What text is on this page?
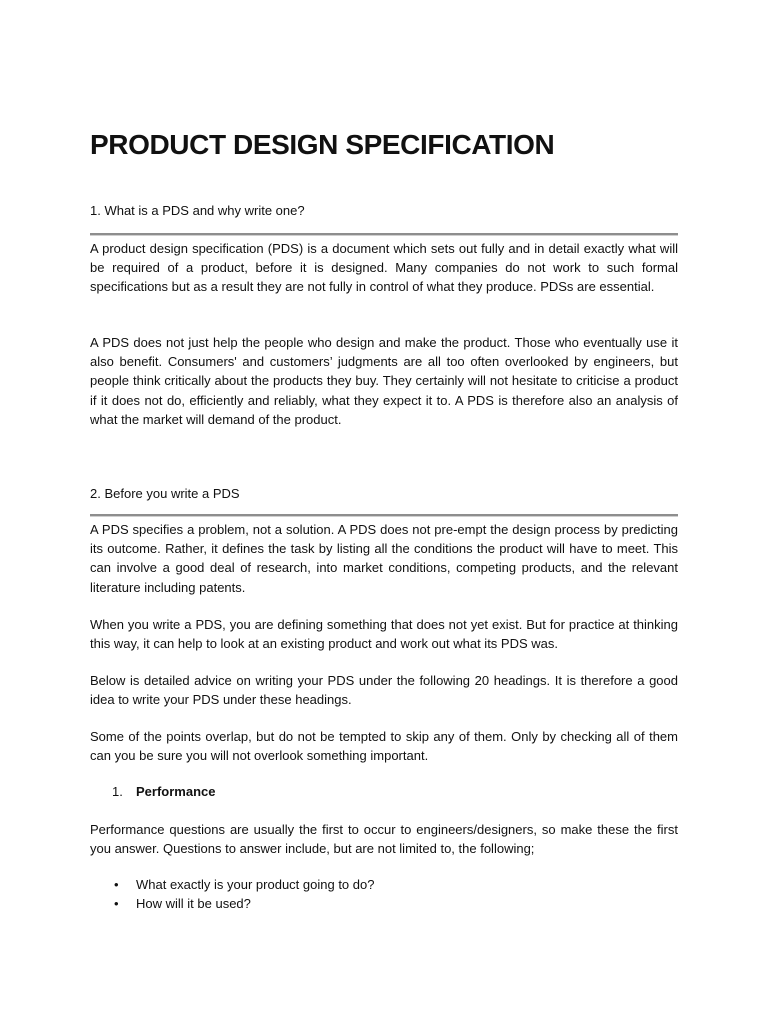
PRODUCT DESIGN SPECIFICATION
1. What is a PDS and why write one?

A product design specification (PDS) is a document which sets out fully and in detail exactly what will be required of a product, before it is designed. Many companies do not work to such formal specifications but as a result they are not fully in control of what they produce. PDSs are essential.

A PDS does not just help the people who design and make the product. Those who eventually use it also benefit. Consumers' and customers’ judgments are all too often overlooked by engineers, but people think critically about the products they buy. They certainly will not hesitate to criticise a product if it does not do, efficiently and reliably, what they expect it to. A PDS is therefore also an analysis of what the market will demand of the product.

2. Before you write a PDS

A PDS specifies a problem, not a solution. A PDS does not pre-empt the design process by predicting its outcome. Rather, it defines the task by listing all the conditions the product will have to meet. This can involve a good deal of research, into market conditions, competing products, and the relevant literature including patents.

When you write a PDS, you are defining something that does not yet exist. But for practice at thinking this way, it can help to look at an existing product and work out what its PDS was.

Below is detailed advice on writing your PDS under the following 20 headings. It is therefore a good idea to write your PDS under these headings.

Some of the points overlap, but do not be tempted to skip any of them. Only by checking all of them can you be sure you will not overlook something important.

1. Performance

Performance questions are usually the first to occur to engineers/designers, so make these the first you answer. Questions to answer include, but are not limited to, the following;

• What exactly is your product going to do?
• How will it be used?
